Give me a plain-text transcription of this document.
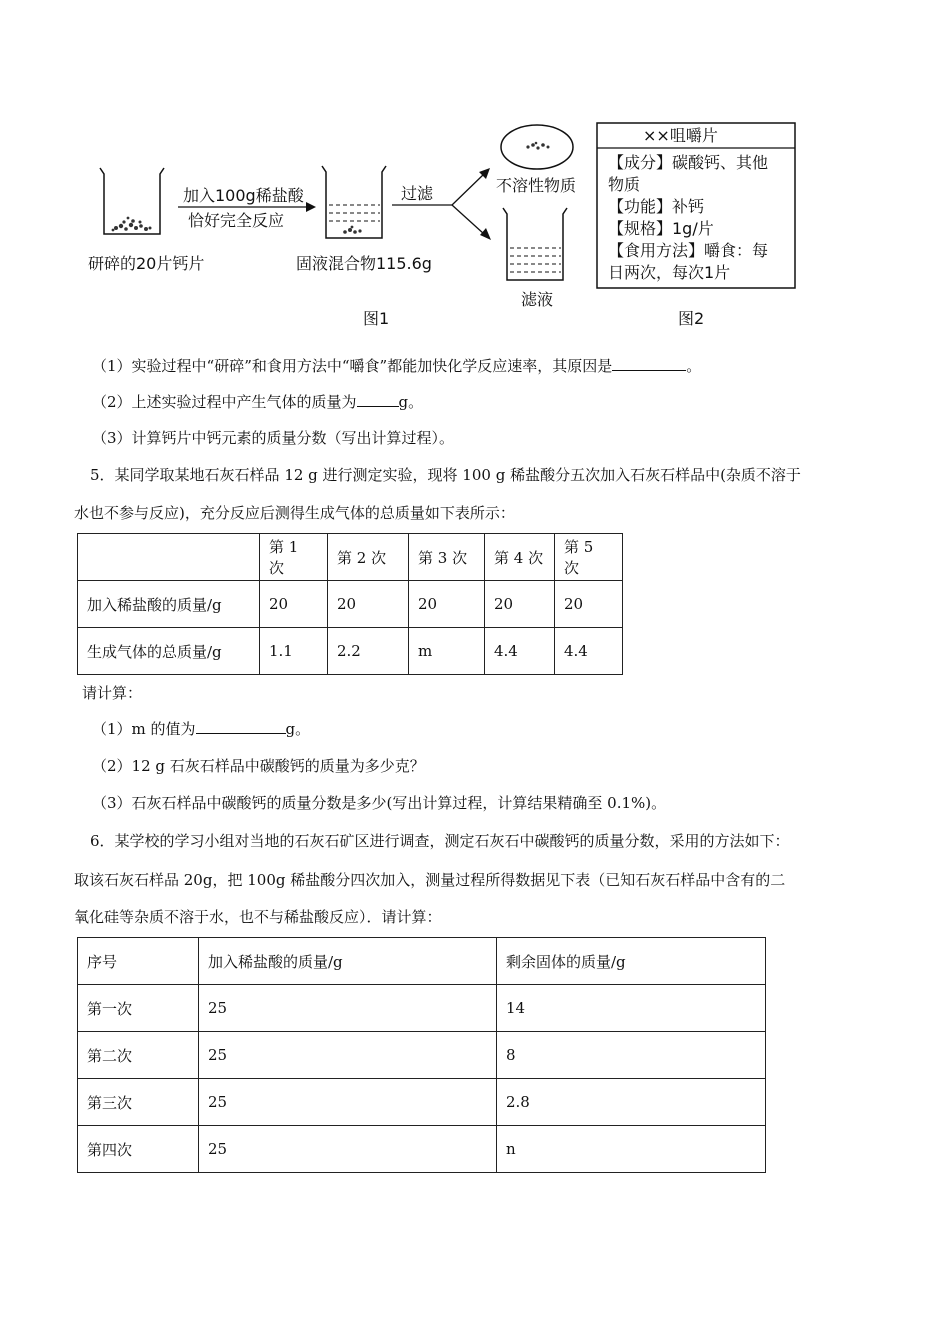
加入100g稀盐酸
恰好完全反应
研碎的20片钙片	固液混合物115.6g
过滤	不溶性物质
滤液
图1
××咀嚼片
【成分】碳酸钙、其他
物质
【功能】补钙
【规格】1g/片
【食用方法】嚼食：每
日两次，每次1片
图2
（1）实验过程中“研碎”和食用方法中“嚼食”都能加快化学反应速率，其原因是	。
（2）上述实验过程中产生气体的质量为	g。
（3）计算钙片中钙元素的质量分数（写出计算过程）。
5．某同学取某地石灰石样品 12 g 进行测定实验，现将 100 g 稀盐酸分五次加入石灰石样品中(杂质不溶于
水也不参与反应)，充分反应后测得生成气体的总质量如下表所示：
	第 1 次	第 2 次	第 3 次	第 4 次	第 5 次
加入稀盐酸的质量/g	20	20	20	20	20
生成气体的总质量/g	1.1	2.2	m	4.4	4.4
请计算：
（1）m 的值为	g。
（2）12 g 石灰石样品中碳酸钙的质量为多少克？
（3）石灰石样品中碳酸钙的质量分数是多少(写出计算过程，计算结果精确至 0.1%)。
6．某学校的学习小组对当地的石灰石矿区进行调查，测定石灰石中碳酸钙的质量分数，采用的方法如下：
取该石灰石样品 20g，把 100g 稀盐酸分四次加入，测量过程所得数据见下表（已知石灰石样品中含有的二
氧化硅等杂质不溶于水，也不与稀盐酸反应）．请计算：
序号	加入稀盐酸的质量/g	剩余固体的质量/g
第一次	25	14
第二次	25	8
第三次	25	2.8
第四次	25	n
